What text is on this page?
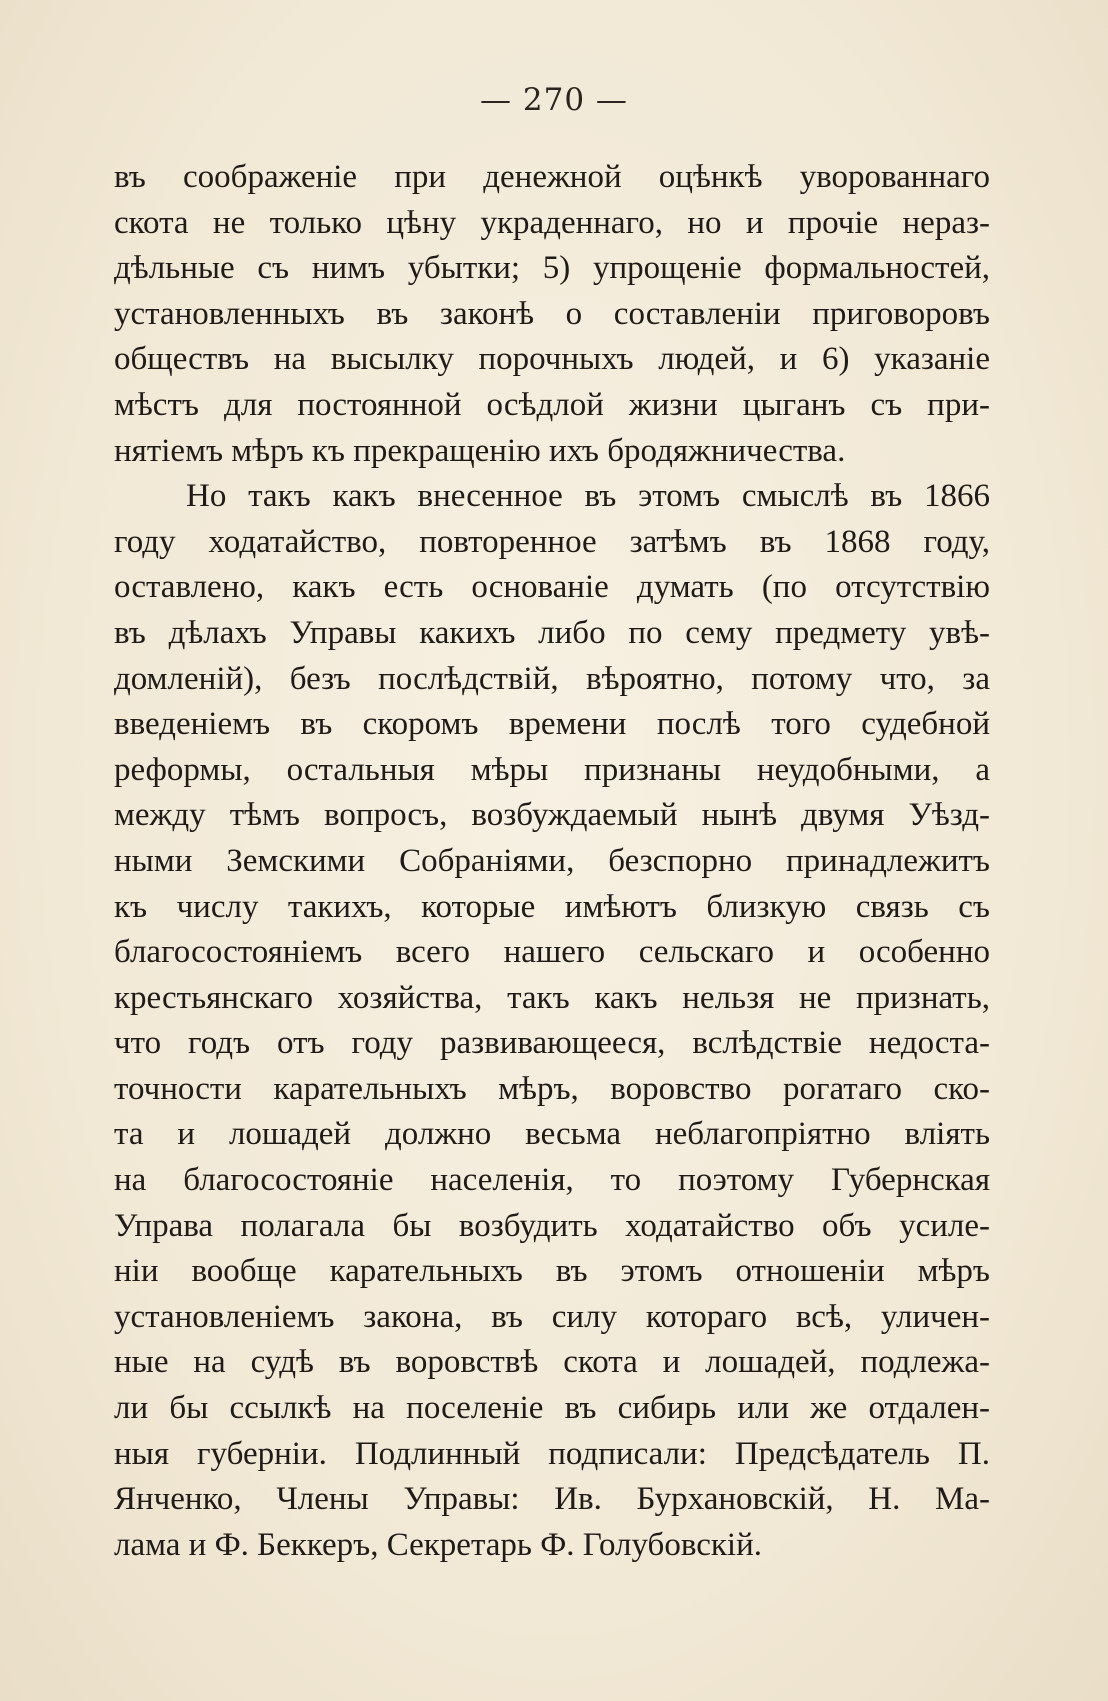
— 270 —
въ соображеніе при денежной оцѣнкѣ уворованнаго
скота не только цѣну украденнаго, но и прочіе нераз-
дѣльные съ нимъ убытки; 5) упрощеніе формальностей,
установленныхъ въ законѣ о составленіи приговоровъ
обществъ на высылку порочныхъ людей, и 6) указаніе
мѣстъ для постоянной осѣдлой жизни цыганъ съ при-
нятіемъ мѣръ къ прекращенію ихъ бродяжничества.
Но такъ какъ внесенное въ этомъ смыслѣ въ 1866
году ходатайство, повторенное затѣмъ въ 1868 году,
оставлено, какъ есть основаніе думать (по отсутствію
въ дѣлахъ Управы какихъ либо по сему предмету увѣ-
домленій), безъ послѣдствій, вѣроятно, потому что, за
введеніемъ въ скоромъ времени послѣ того судебной
реформы, остальныя мѣры признаны неудобными, а
между тѣмъ вопросъ, возбуждаемый нынѣ двумя Уѣзд-
ными Земскими Собраніями, безспорно принадлежитъ
къ числу такихъ, которые имѣютъ близкую связь съ
благосостояніемъ всего нашего сельскаго и особенно
крестьянскаго хозяйства, такъ какъ нельзя не признать,
что годъ отъ году развивающееся, вслѣдствіе недоста-
точности карательныхъ мѣръ, воровство рогатаго ско-
та и лошадей должно весьма неблагопріятно вліять
на благосостояніе населенія, то поэтому Губернская
Управа полагала бы возбудить ходатайство объ усиле-
ніи вообще карательныхъ въ этомъ отношеніи мѣръ
установленіемъ закона, въ силу котораго всѣ, уличен-
ные на судѣ въ воровствѣ скота и лошадей, подлежа-
ли бы ссылкѣ на поселеніе въ сибирь или же отдален-
ныя губерніи. Подлинный подписали: Предсѣдатель П.
Янченко, Члены Управы: Ив. Бурхановскій, Н. Ма-
лама и Ф. Беккеръ, Секретарь Ф. Голубовскій.
